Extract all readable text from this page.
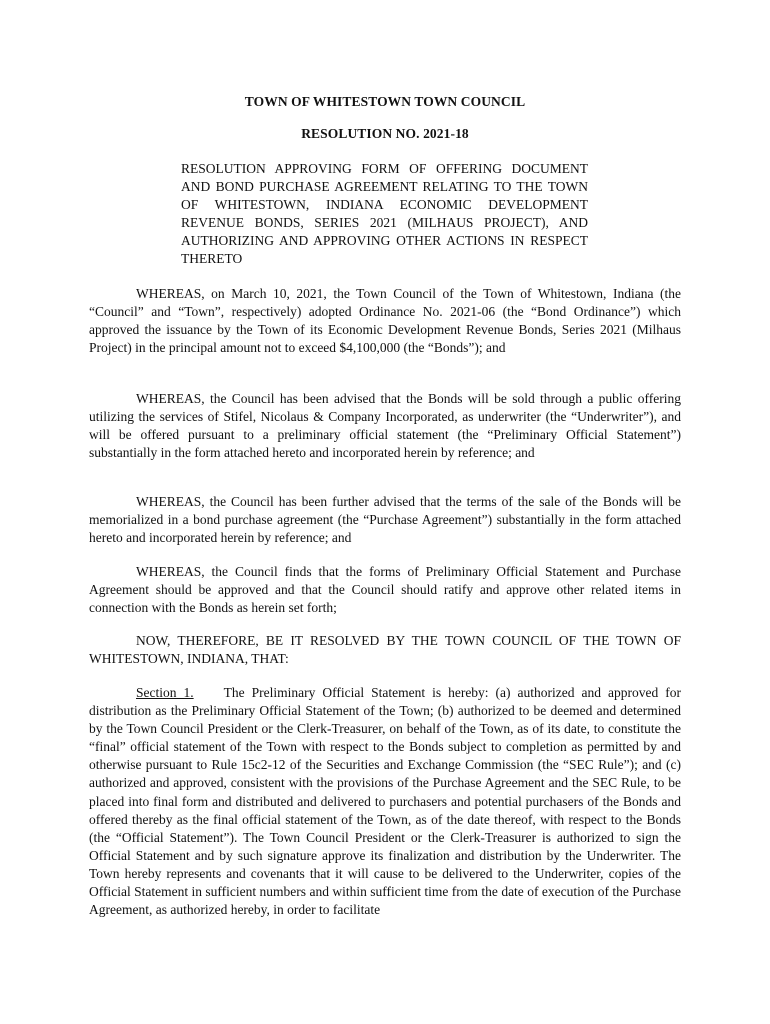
TOWN OF WHITESTOWN TOWN COUNCIL
RESOLUTION NO. 2021-18
RESOLUTION APPROVING FORM OF OFFERING DOCUMENT AND BOND PURCHASE AGREEMENT RELATING TO THE TOWN OF WHITESTOWN, INDIANA ECONOMIC DEVELOPMENT REVENUE BONDS, SERIES 2021 (MILHAUS PROJECT), AND AUTHORIZING AND APPROVING OTHER ACTIONS IN RESPECT THERETO
WHEREAS, on March 10, 2021, the Town Council of the Town of Whitestown, Indiana (the “Council” and “Town”, respectively) adopted Ordinance No. 2021-06 (the “Bond Ordinance”) which approved the issuance by the Town of its Economic Development Revenue Bonds, Series 2021 (Milhaus Project) in the principal amount not to exceed $4,100,000 (the “Bonds”); and
WHEREAS, the Council has been advised that the Bonds will be sold through a public offering utilizing the services of Stifel, Nicolaus & Company Incorporated, as underwriter (the “Underwriter”), and will be offered pursuant to a preliminary official statement (the “Preliminary Official Statement”) substantially in the form attached hereto and incorporated herein by reference; and
WHEREAS, the Council has been further advised that the terms of the sale of the Bonds will be memorialized in a bond purchase agreement (the “Purchase Agreement”) substantially in the form attached hereto and incorporated herein by reference; and
WHEREAS, the Council finds that the forms of Preliminary Official Statement and Purchase Agreement should be approved and that the Council should ratify and approve other related items in connection with the Bonds as herein set forth;
NOW, THEREFORE, BE IT RESOLVED BY THE TOWN COUNCIL OF THE TOWN OF WHITESTOWN, INDIANA, THAT:
Section 1. The Preliminary Official Statement is hereby: (a) authorized and approved for distribution as the Preliminary Official Statement of the Town; (b) authorized to be deemed and determined by the Town Council President or the Clerk-Treasurer, on behalf of the Town, as of its date, to constitute the “final” official statement of the Town with respect to the Bonds subject to completion as permitted by and otherwise pursuant to Rule 15c2-12 of the Securities and Exchange Commission (the “SEC Rule”); and (c) authorized and approved, consistent with the provisions of the Purchase Agreement and the SEC Rule, to be placed into final form and distributed and delivered to purchasers and potential purchasers of the Bonds and offered thereby as the final official statement of the Town, as of the date thereof, with respect to the Bonds (the “Official Statement”). The Town Council President or the Clerk-Treasurer is authorized to sign the Official Statement and by such signature approve its finalization and distribution by the Underwriter. The Town hereby represents and covenants that it will cause to be delivered to the Underwriter, copies of the Official Statement in sufficient numbers and within sufficient time from the date of execution of the Purchase Agreement, as authorized hereby, in order to facilitate
